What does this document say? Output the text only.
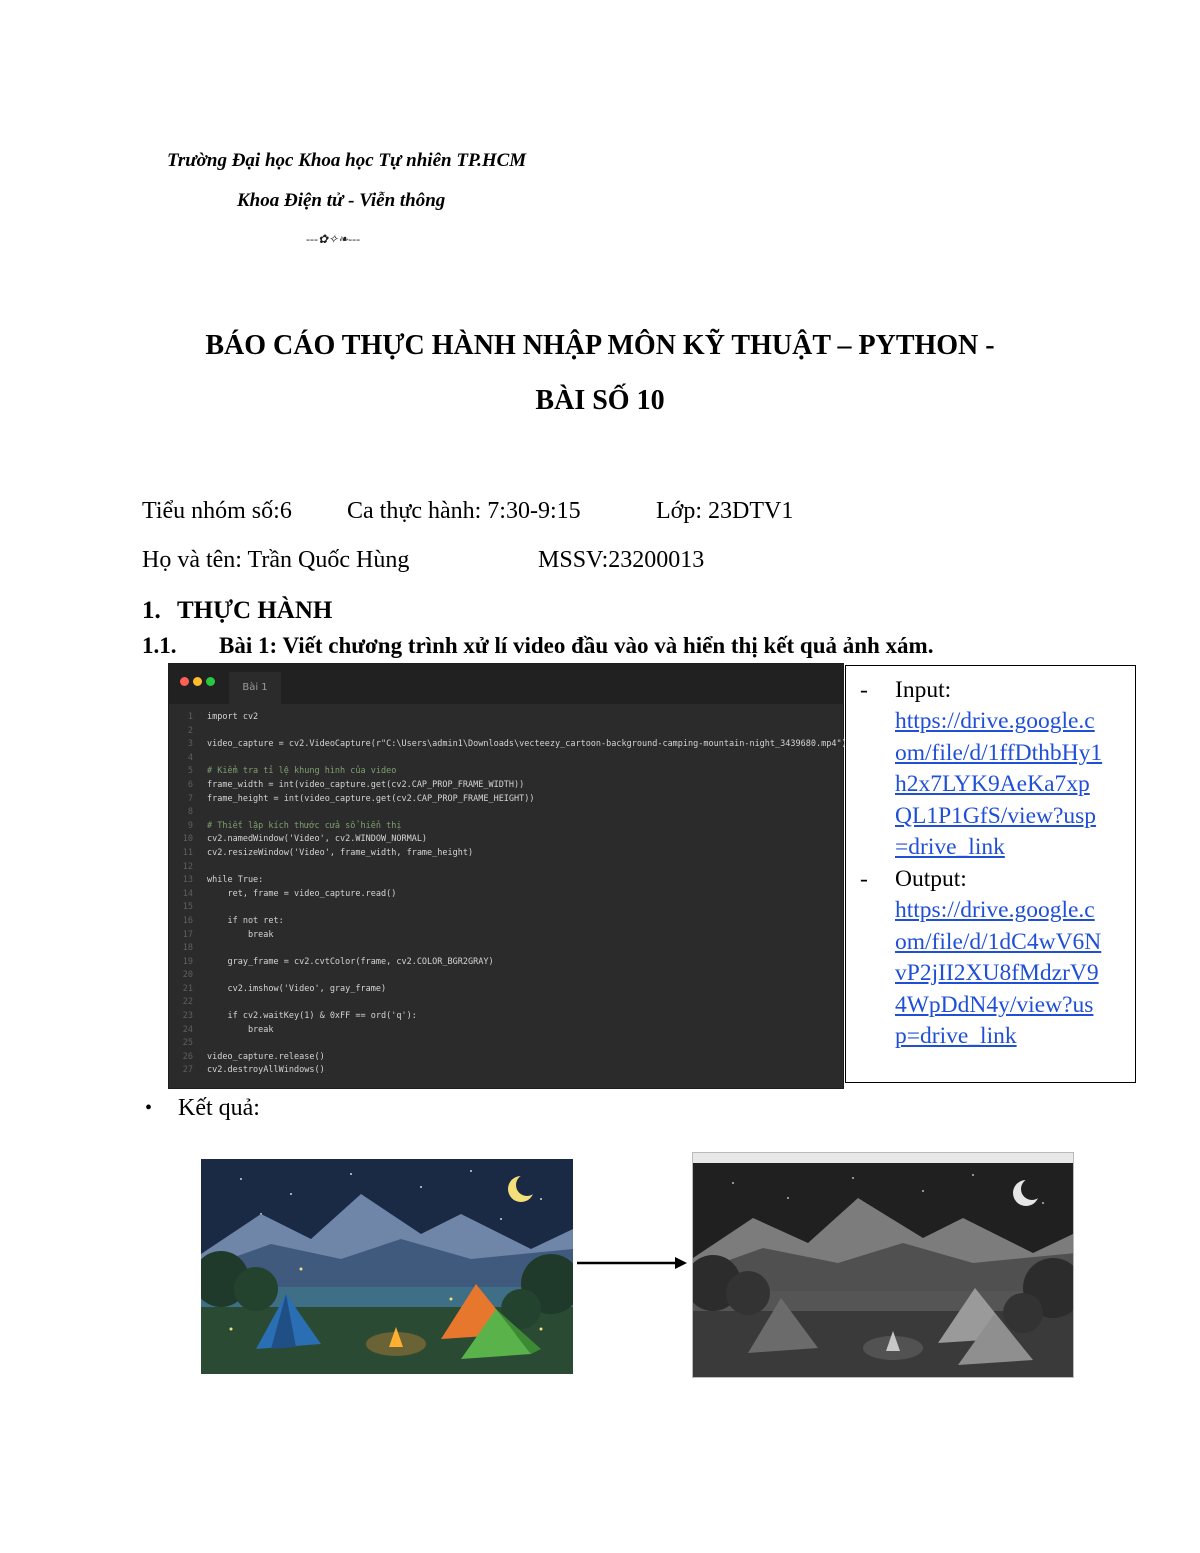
Trường Đại học Khoa học Tự nhiên TP.HCM
Khoa Điện tử - Viễn thông
---✿✧❧---
BÁO CÁO THỰC HÀNH NHẬP MÔN KỸ THUẬT – PYTHON -
BÀI SỐ 10
Tiểu nhóm số:6 Ca thực hành: 7:30-9:15	Lớp: 23DTV1
Họ và tên: Trần Quốc Hùng	MSSV:23200013
1. THỰC HÀNH
1.1. Bài 1: Viết chương trình xử lí video đầu vào và hiển thị kết quả ảnh xám.
Bài 1
1 import cv2
2
3 video_capture = cv2.VideoCapture(r"C:\Users\admin1\Downloads\vecteezy_cartoon-background-camping-mountain-night_3439680.mp4")
4
5 # Kiểm tra tỉ lệ khung hình của video
6 frame_width = int(video_capture.get(cv2.CAP_PROP_FRAME_WIDTH))
7 frame_height = int(video_capture.get(cv2.CAP_PROP_FRAME_HEIGHT))
8
9 # Thiết lập kích thước cửa sổ hiển thị
10 cv2.namedWindow('Video', cv2.WINDOW_NORMAL)
11 cv2.resizeWindow('Video', frame_width, frame_height)
12
13 while True:
14 ret, frame = video_capture.read()
15
16 if not ret:
17 break
18
19 gray_frame = cv2.cvtColor(frame, cv2.COLOR_BGR2GRAY)
20
21 cv2.imshow('Video', gray_frame)
22
23 if cv2.waitKey(1) & 0xFF == ord('q'):
24 break
25
26 video_capture.release()
27 cv2.destroyAllWindows()
- Input:
https://drive.google.c
om/file/d/1ffDthbHy1
h2x7LYK9AeKa7xp
QL1P1GfS/view?usp
=drive_link
- Output:
https://drive.google.c
om/file/d/1dC4wV6N
vP2jII2XU8fMdzrV9
4WpDdN4y/view?us
p=drive_link
• Kết quả:
